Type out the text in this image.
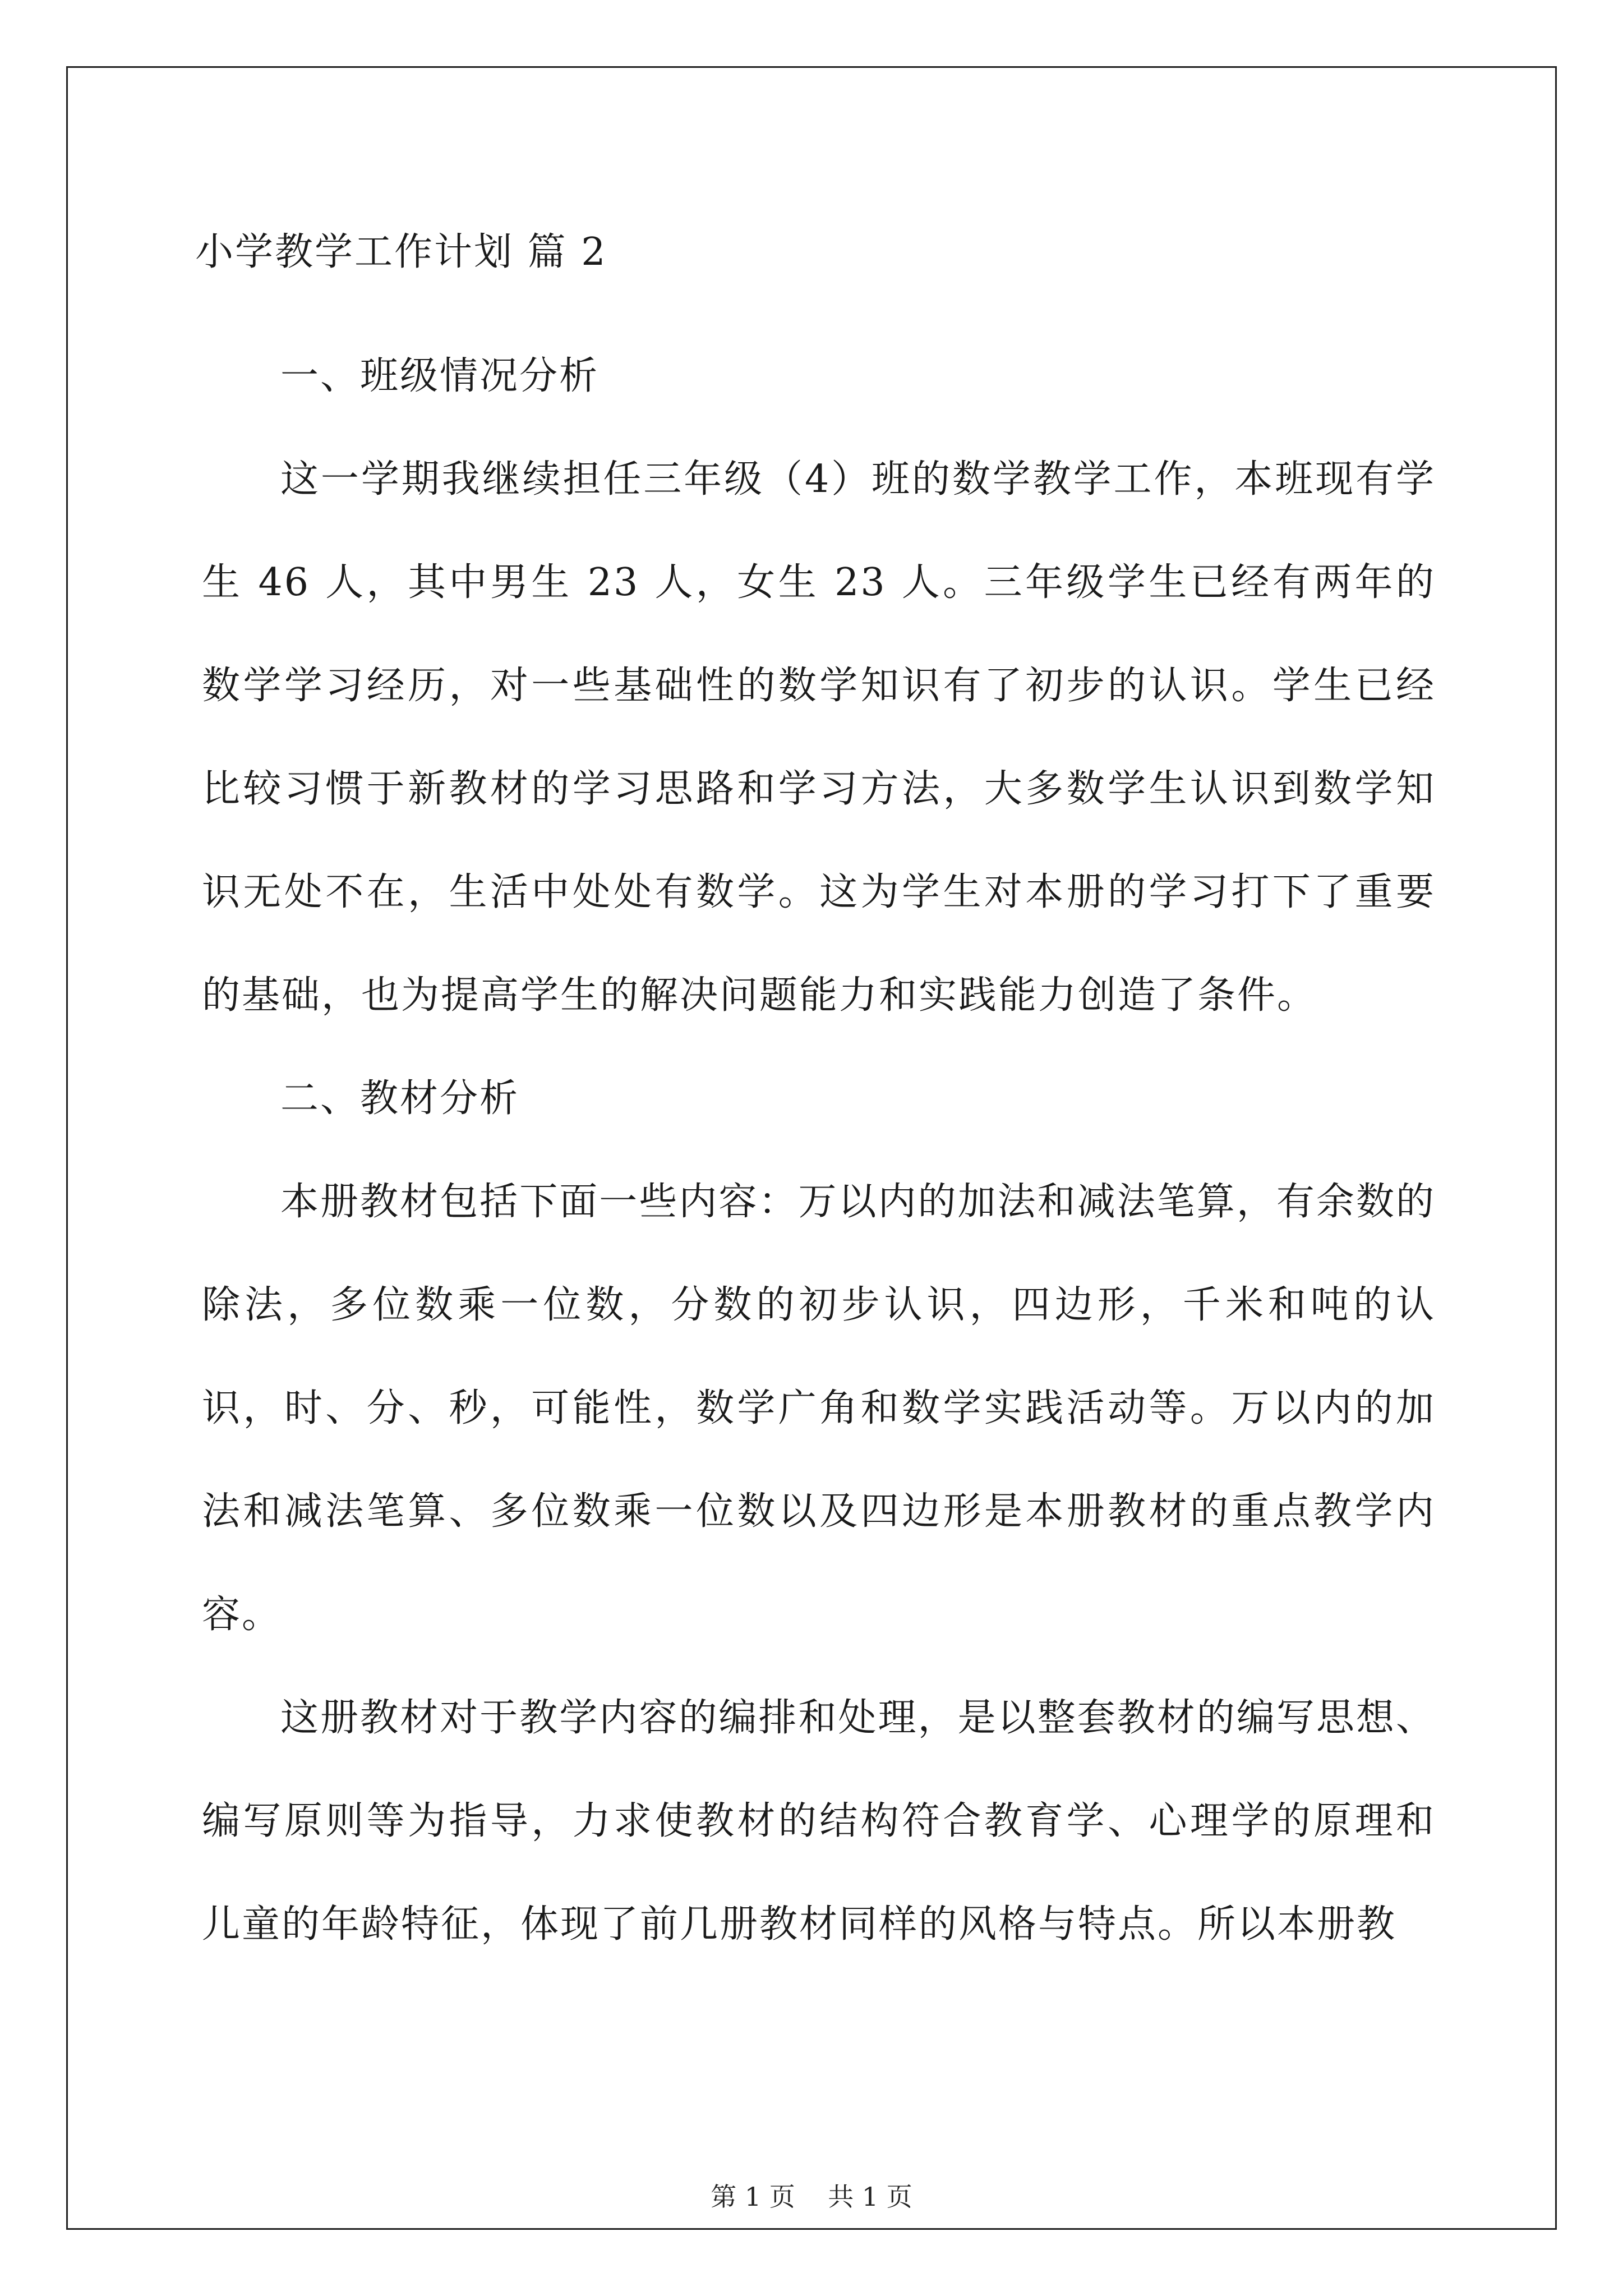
小学教学工作计划 篇 2

一、班级情况分析

这一学期我继续担任三年级（4）班的数学教学工作，本班现有学生 46 人，其中男生 23 人，女生 23 人。三年级学生已经有两年的数学学习经历，对一些基础性的数学知识有了初步的认识。学生已经比较习惯于新教材的学习思路和学习方法，大多数学生认识到数学知识无处不在，生活中处处有数学。这为学生对本册的学习打下了重要的基础，也为提高学生的解决问题能力和实践能力创造了条件。

二、教材分析

本册教材包括下面一些内容：万以内的加法和减法笔算，有余数的除法，多位数乘一位数，分数的初步认识，四边形，千米和吨的认识，时、分、秒，可能性，数学广角和数学实践活动等。万以内的加法和减法笔算、多位数乘一位数以及四边形是本册教材的重点教学内容。

这册教材对于教学内容的编排和处理，是以整套教材的编写思想、编写原则等为指导，力求使教材的结构符合教育学、心理学的原理和儿童的年龄特征，体现了前几册教材同样的风格与特点。所以本册教

第 1 页    共 1 页
